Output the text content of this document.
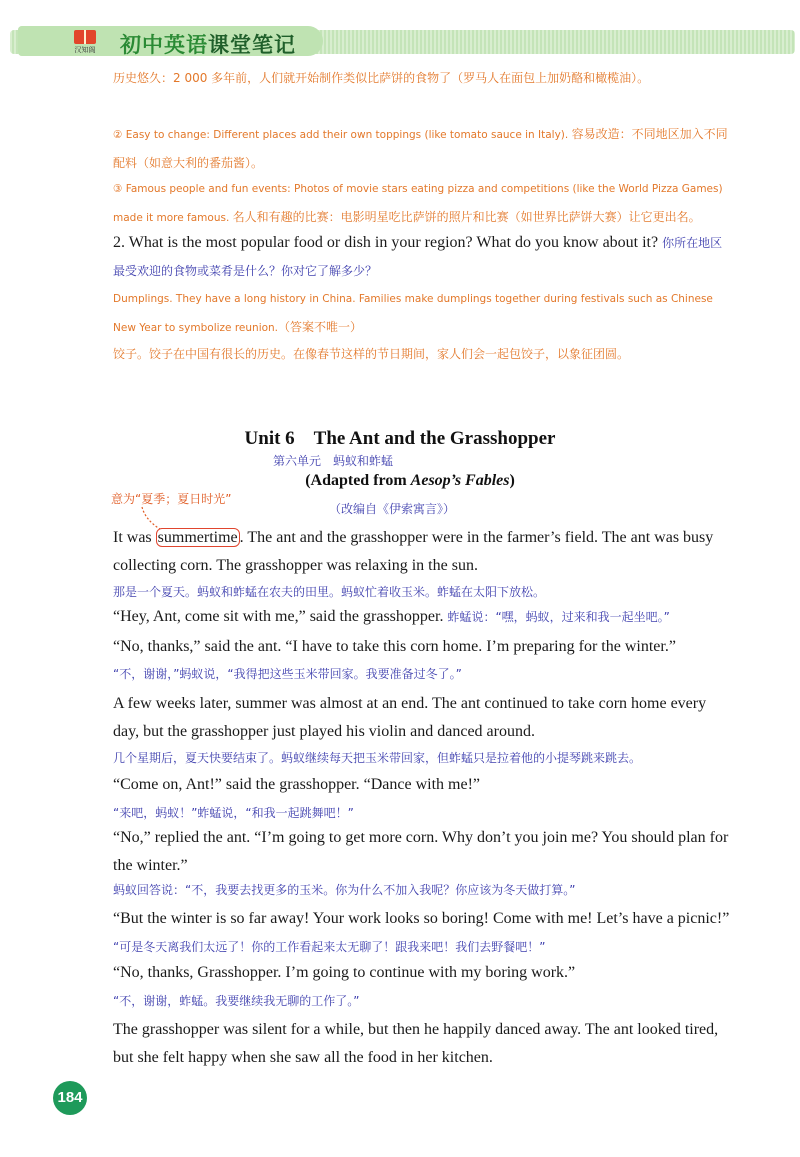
汉知阁 初中英语课堂笔记

历史悠久：2 000 多年前，人们就开始制作类似比萨饼的食物了（罗马人在面包上加奶酪和橄榄油）。

② Easy to change: Different places add their own toppings (like tomato sauce in Italy). 容易改造：不同地区加入不同配料（如意大利的番茄酱）。

③ Famous people and fun events: Photos of movie stars eating pizza and competitions (like the World Pizza Games) made it more famous. 名人和有趣的比赛：电影明星吃比萨饼的照片和比赛（如世界比萨饼大赛）让它更出名。

2. What is the most popular food or dish in your region? What do you know about it? 你所在地区最受欢迎的食物或菜肴是什么？你对它了解多少？

Dumplings. They have a long history in China. Families make dumplings together during festivals such as Chinese New Year to symbolize reunion.（答案不唯一）

饺子。饺子在中国有很长的历史。在像春节这样的节日期间，家人们会一起包饺子，以象征团圆。

Unit 6　The Ant and the Grasshopper
第六单元　蚂蚁和蚱蜢
(Adapted from Aesop’s Fables)
（改编自《伊索寓言》）
意为“夏季；夏日时光”

It was summertime . The ant and the grasshopper were in the farmer’s field. The ant was busy collecting corn. The grasshopper was relaxing in the sun.

那是一个夏天。蚂蚁和蚱蜢在农夫的田里。蚂蚁忙着收玉米。蚱蜢在太阳下放松。

“Hey, Ant, come sit with me,” said the grasshopper. 蚱蜢说：“嘿，蚂蚁，过来和我一起坐吧。”

“No, thanks,” said the ant. “I have to take this corn home. I’m preparing for the winter.”

“不，谢谢，”蚂蚁说，“我得把这些玉米带回家。我要准备过冬了。”

A few weeks later, summer was almost at an end. The ant continued to take corn home every day, but the grasshopper just played his violin and danced around.

几个星期后，夏天快要结束了。蚂蚁继续每天把玉米带回家，但蚱蜢只是拉着他的小提琴跳来跳去。

“Come on, Ant!” said the grasshopper. “Dance with me!”

“来吧，蚂蚁！”蚱蜢说，“和我一起跳舞吧！”

“No,” replied the ant. “I’m going to get more corn. Why don’t you join me? You should plan for the winter.”

蚂蚁回答说：“不，我要去找更多的玉米。你为什么不加入我呢？你应该为冬天做打算。”

“But the winter is so far away! Your work looks so boring! Come with me! Let’s have a picnic!” “可是冬天离我们太远了！你的工作看起来太无聊了！跟我来吧！我们去野餐吧！”

“No, thanks, Grasshopper. I’m going to continue with my boring work.”

“不，谢谢，蚱蜢。我要继续我无聊的工作了。”

The grasshopper was silent for a while, but then he happily danced away. The ant looked tired, but she felt happy when she saw all the food in her kitchen.

184
